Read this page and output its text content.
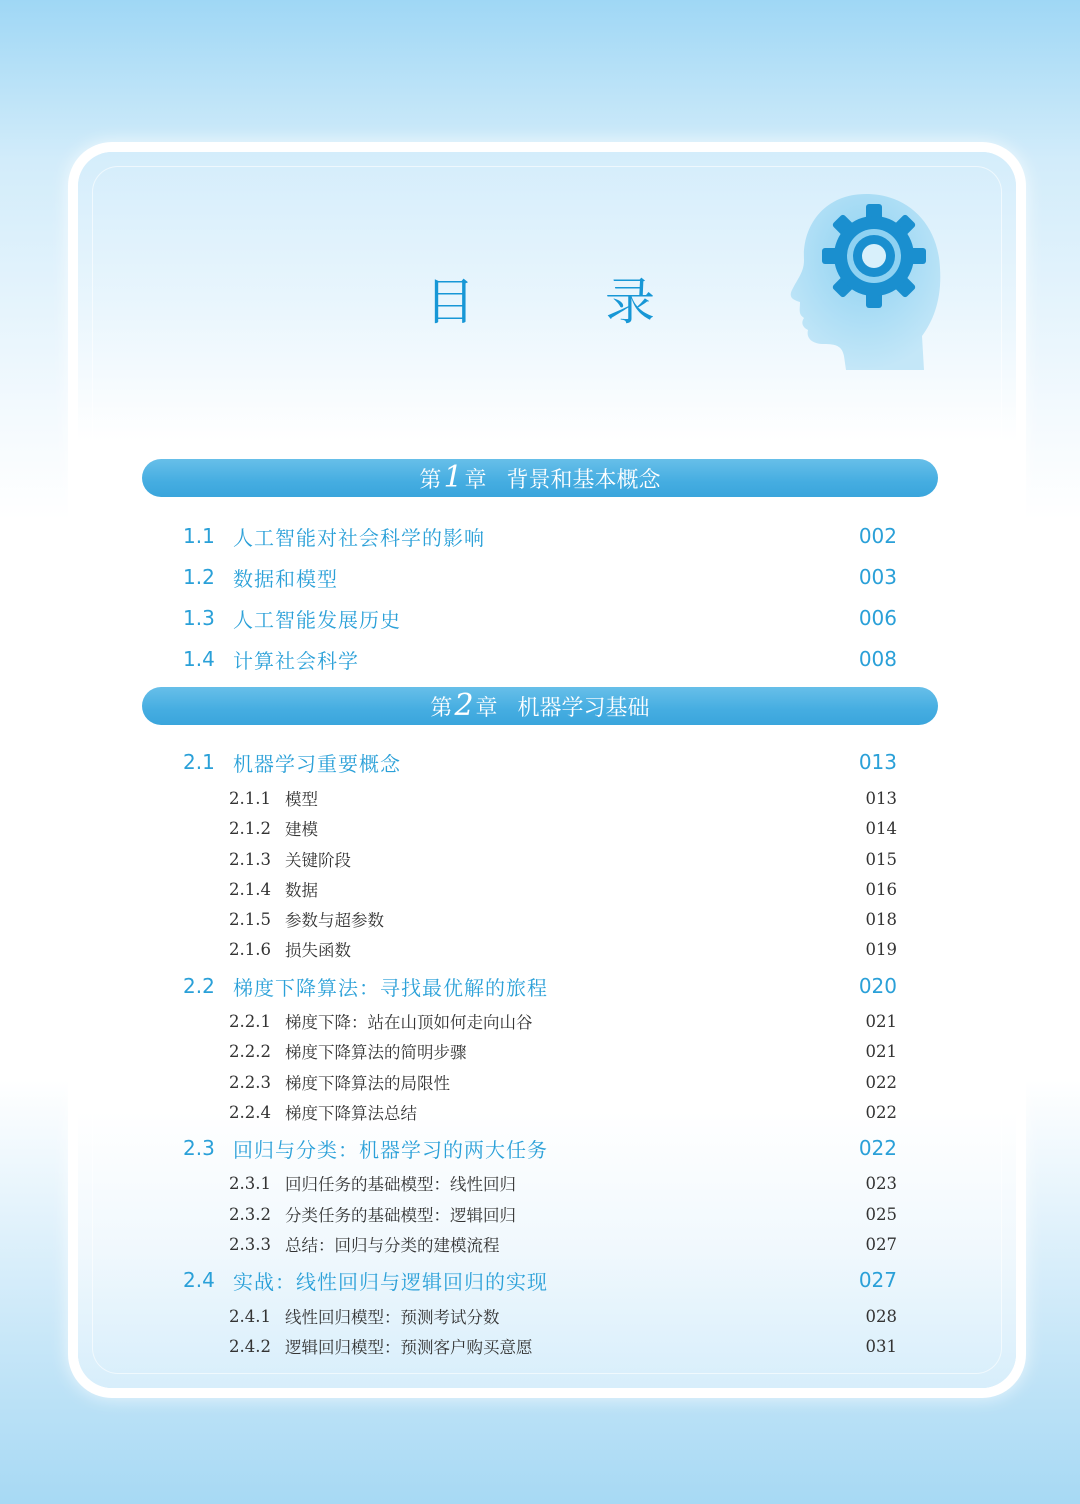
目　录
第 1 章 背景和基本概念
1.1 人工智能对社会科学的影响	002
1.2 数据和模型	003
1.3 人工智能发展历史	006
1.4 计算社会科学	008
第 2 章 机器学习基础
2.1 机器学习重要概念	013
2.1.1 模型	013
2.1.2 建模	014
2.1.3 关键阶段	015
2.1.4 数据	016
2.1.5 参数与超参数	018
2.1.6 损失函数	019
2.2 梯度下降算法：寻找最优解的旅程	020
2.2.1 梯度下降：站在山顶如何走向山谷	021
2.2.2 梯度下降算法的简明步骤	021
2.2.3 梯度下降算法的局限性	022
2.2.4 梯度下降算法总结	022
2.3 回归与分类：机器学习的两大任务	022
2.3.1 回归任务的基础模型：线性回归	023
2.3.2 分类任务的基础模型：逻辑回归	025
2.3.3 总结：回归与分类的建模流程	027
2.4 实战：线性回归与逻辑回归的实现	027
2.4.1 线性回归模型：预测考试分数	028
2.4.2 逻辑回归模型：预测客户购买意愿	031
